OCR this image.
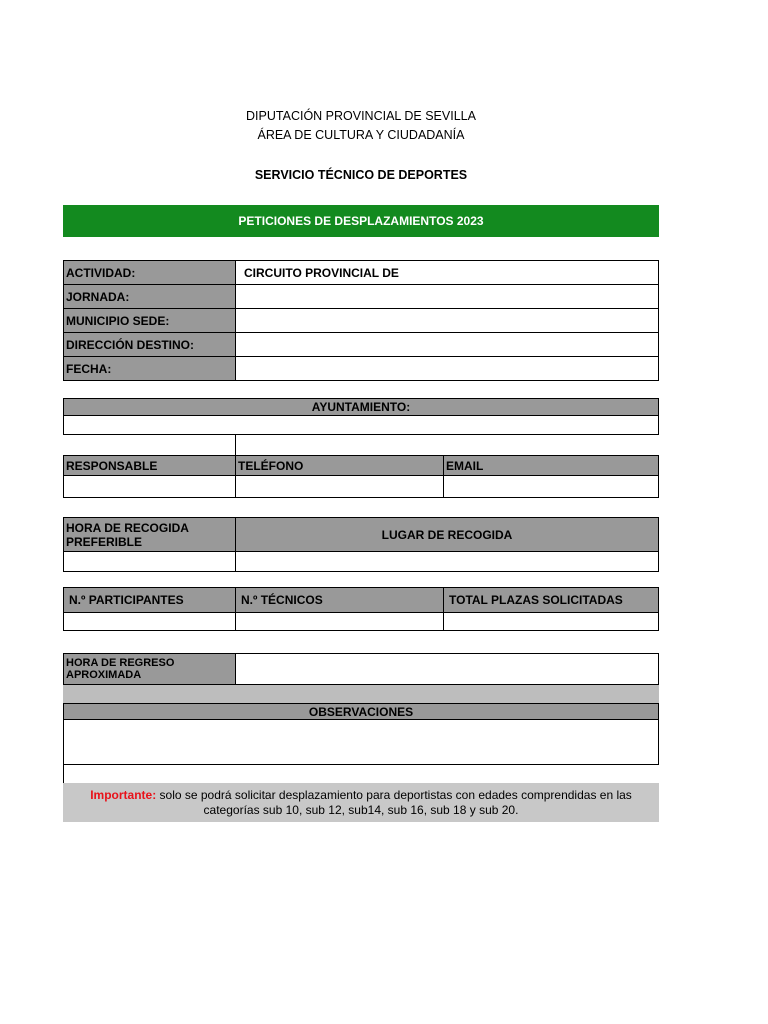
DIPUTACIÓN PROVINCIAL DE SEVILLA
ÁREA DE CULTURA Y CIUDADANÍA
SERVICIO TÉCNICO DE DEPORTES
PETICIONES DE DESPLAZAMIENTOS 2023
ACTIVIDAD:	CIRCUITO PROVINCIAL DE
JORNADA:	
MUNICIPIO SEDE:	
DIRECCIÓN DESTINO:	
FECHA:	
AYUNTAMIENTO:

RESPONSABLE	TELÉFONO	EMAIL

HORA DE RECOGIDA PREFERIBLE	LUGAR DE RECOGIDA

N.º PARTICIPANTES	N.º TÉCNICOS	TOTAL PLAZAS SOLICITADAS

HORA DE REGRESO APROXIMADA	
OBSERVACIONES

Importante: solo se podrá solicitar desplazamiento para deportistas con edades comprendidas en las
categorías sub 10, sub 12, sub14, sub 16, sub 18 y sub 20.
